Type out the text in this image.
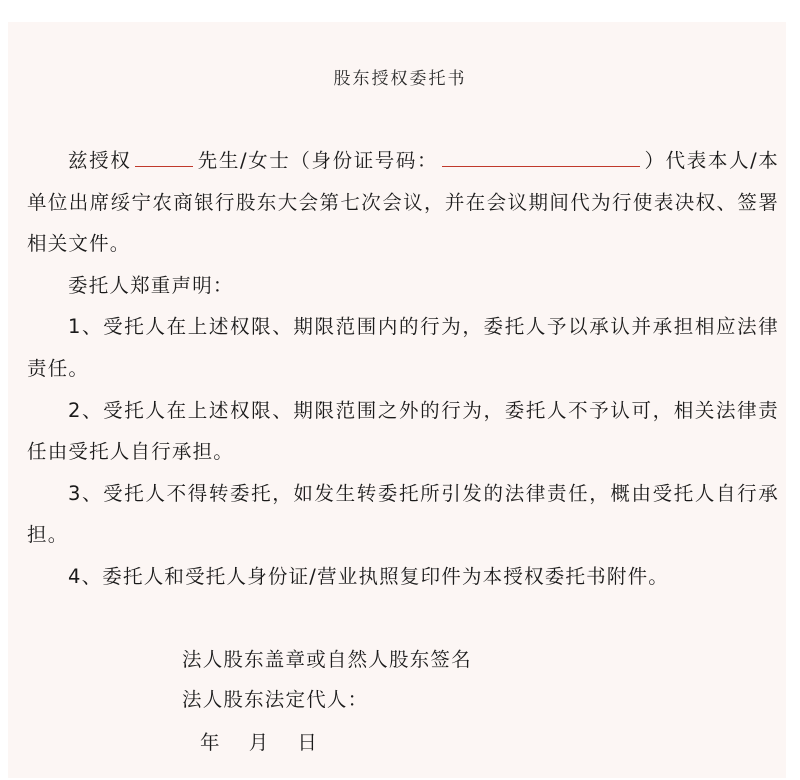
股东授权委托书

兹授权	先生/女士（身份证号码：	）代表本人/本单位出席绥宁农商银行股东大会第七次会议，并在会议期间代为行使表决权、签署相关文件。

委托人郑重声明：

1、受托人在上述权限、期限范围内的行为，委托人予以承认并承担相应法律责任。

2、受托人在上述权限、期限范围之外的行为，委托人不予认可，相关法律责任由受托人自行承担。

3、受托人不得转委托，如发生转委托所引发的法律责任，概由受托人自行承担。

4、委托人和受托人身份证/营业执照复印件为本授权委托书附件。

法人股东盖章或自然人股东签名
法人股东法定代人：
年 月 日
